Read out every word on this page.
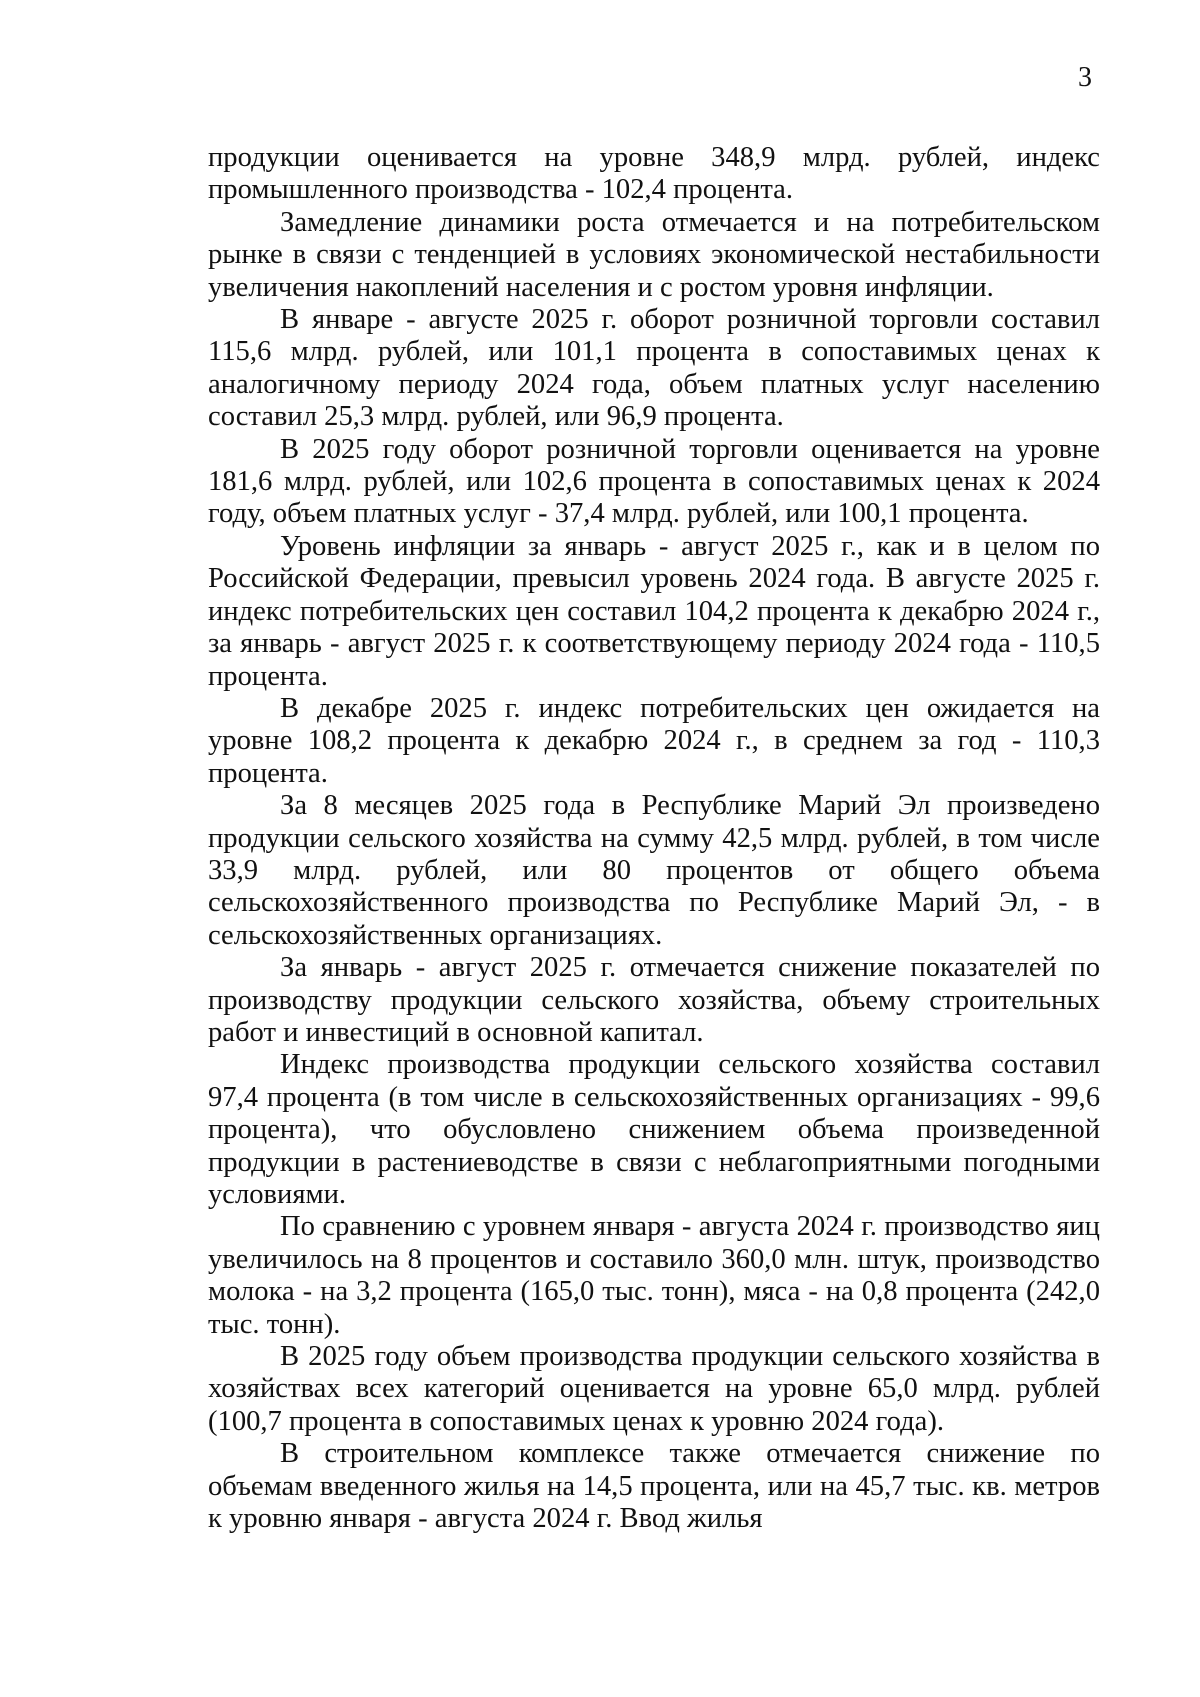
3

продукции оценивается на уровне 348,9 млрд. рублей, индекс промышленного производства - 102,4 процента.

Замедление динамики роста отмечается и на потребительском рынке в связи с тенденцией в условиях экономической нестабильности увеличения накоплений населения и с ростом уровня инфляции.

В январе - августе 2025 г. оборот розничной торговли составил 115,6 млрд. рублей, или 101,1 процента в сопоставимых ценах к аналогичному периоду 2024 года, объем платных услуг населению составил 25,3 млрд. рублей, или 96,9 процента.

В 2025 году оборот розничной торговли оценивается на уровне 181,6 млрд. рублей, или 102,6 процента в сопоставимых ценах к 2024 году, объем платных услуг - 37,4 млрд. рублей, или 100,1 процента.

Уровень инфляции за январь - август 2025 г., как и в целом по Российской Федерации, превысил уровень 2024 года. В августе 2025 г. индекс потребительских цен составил 104,2 процента к декабрю 2024 г., за январь - август 2025 г. к соответствующему периоду 2024 года - 110,5 процента.

В декабре 2025 г. индекс потребительских цен ожидается на уровне 108,2 процента к декабрю 2024 г., в среднем за год - 110,3 процента.

За 8 месяцев 2025 года в Республике Марий Эл произведено продукции сельского хозяйства на сумму 42,5 млрд. рублей, в том числе 33,9 млрд. рублей, или 80 процентов от общего объема сельскохозяйственного производства по Республике Марий Эл, - в сельскохозяйственных организациях.

За январь - август 2025 г. отмечается снижение показателей по производству продукции сельского хозяйства, объему строительных работ и инвестиций в основной капитал.

Индекс производства продукции сельского хозяйства составил 97,4 процента (в том числе в сельскохозяйственных организациях - 99,6 процента), что обусловлено снижением объема произведенной продукции в растениеводстве в связи с неблагоприятными погодными условиями.

По сравнению с уровнем января - августа 2024 г. производство яиц увеличилось на 8 процентов и составило 360,0 млн. штук, производство молока - на 3,2 процента (165,0 тыс. тонн), мяса - на 0,8 процента (242,0 тыс. тонн).

В 2025 году объем производства продукции сельского хозяйства в хозяйствах всех категорий оценивается на уровне 65,0 млрд. рублей (100,7 процента в сопоставимых ценах к уровню 2024 года).

В строительном комплексе также отмечается снижение по объемам введенного жилья на 14,5 процента, или на 45,7 тыс. кв. метров к уровню января - августа 2024 г. Ввод жилья
